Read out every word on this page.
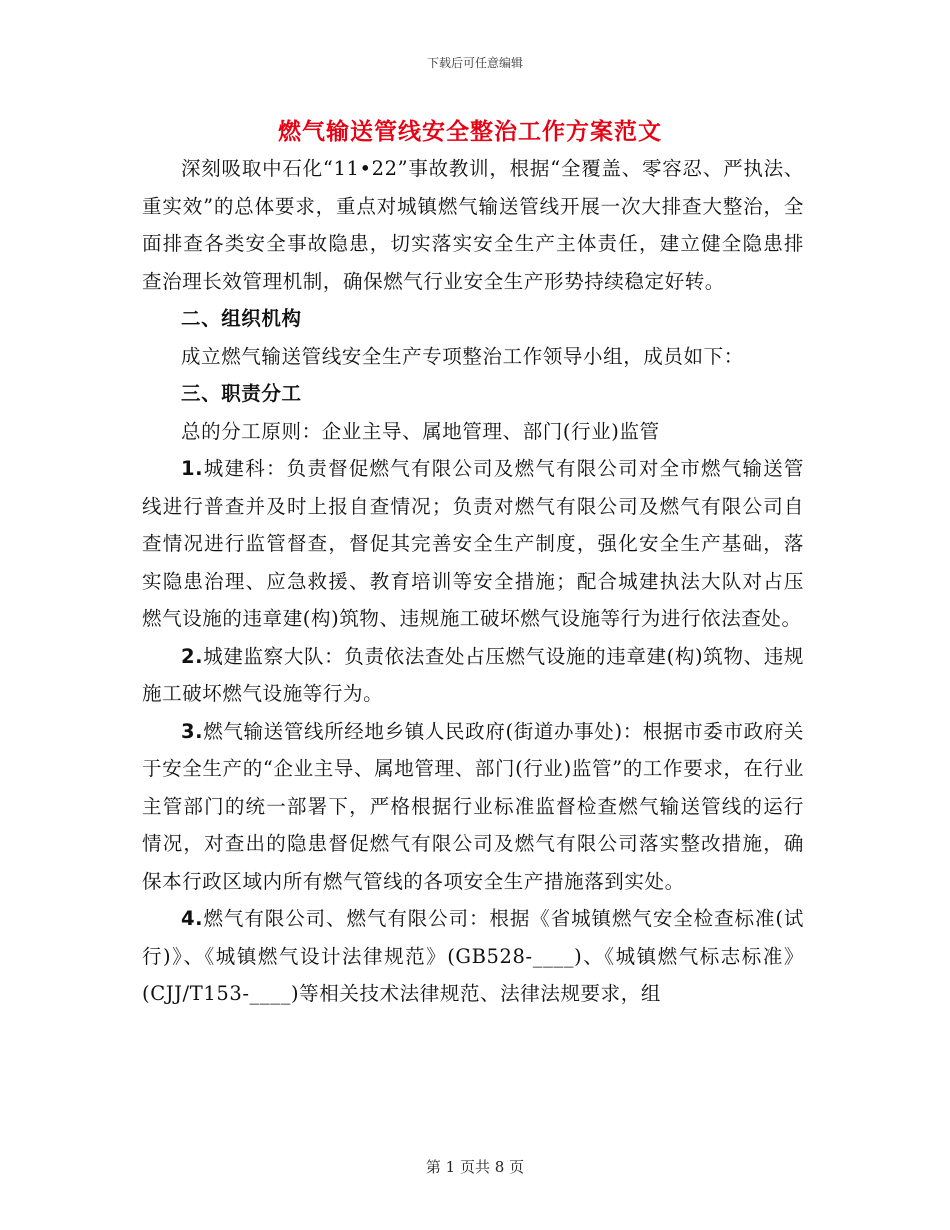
下载后可任意编辑
燃气输送管线安全整治工作方案范文

深刻吸取中石化“11•22”事故教训，根据“全覆盖、零容忍、严执法、重实效”的总体要求，重点对城镇燃气输送管线开展一次大排查大整治，全面排查各类安全事故隐患，切实落实安全生产主体责任，建立健全隐患排查治理长效管理机制，确保燃气行业安全生产形势持续稳定好转。

二、组织机构

成立燃气输送管线安全生产专项整治工作领导小组，成员如下：

三、职责分工

总的分工原则：企业主导、属地管理、部门(行业)监管

1.城建科：负责督促燃气有限公司及燃气有限公司对全市燃气输送管线进行普查并及时上报自查情况；负责对燃气有限公司及燃气有限公司自查情况进行监管督查，督促其完善安全生产制度，强化安全生产基础，落实隐患治理、应急救援、教育培训等安全措施；配合城建执法大队对占压燃气设施的违章建(构)筑物、违规施工破坏燃气设施等行为进行依法查处。

2.城建监察大队：负责依法查处占压燃气设施的违章建(构)筑物、违规施工破坏燃气设施等行为。

3.燃气输送管线所经地乡镇人民政府(街道办事处)：根据市委市政府关于安全生产的“企业主导、属地管理、部门(行业)监管”的工作要求，在行业主管部门的统一部署下，严格根据行业标准监督检查燃气输送管线的运行情况，对查出的隐患督促燃气有限公司及燃气有限公司落实整改措施，确保本行政区域内所有燃气管线的各项安全生产措施落到实处。

4.燃气有限公司、燃气有限公司：根据《省城镇燃气安全检查标准(试行)》、《城镇燃气设计法律规范》(GB528-____)、《城镇燃气标志标准》(CJJ/T153-____)等相关技术法律规范、法律法规要求，组

第 1 页共 8 页
